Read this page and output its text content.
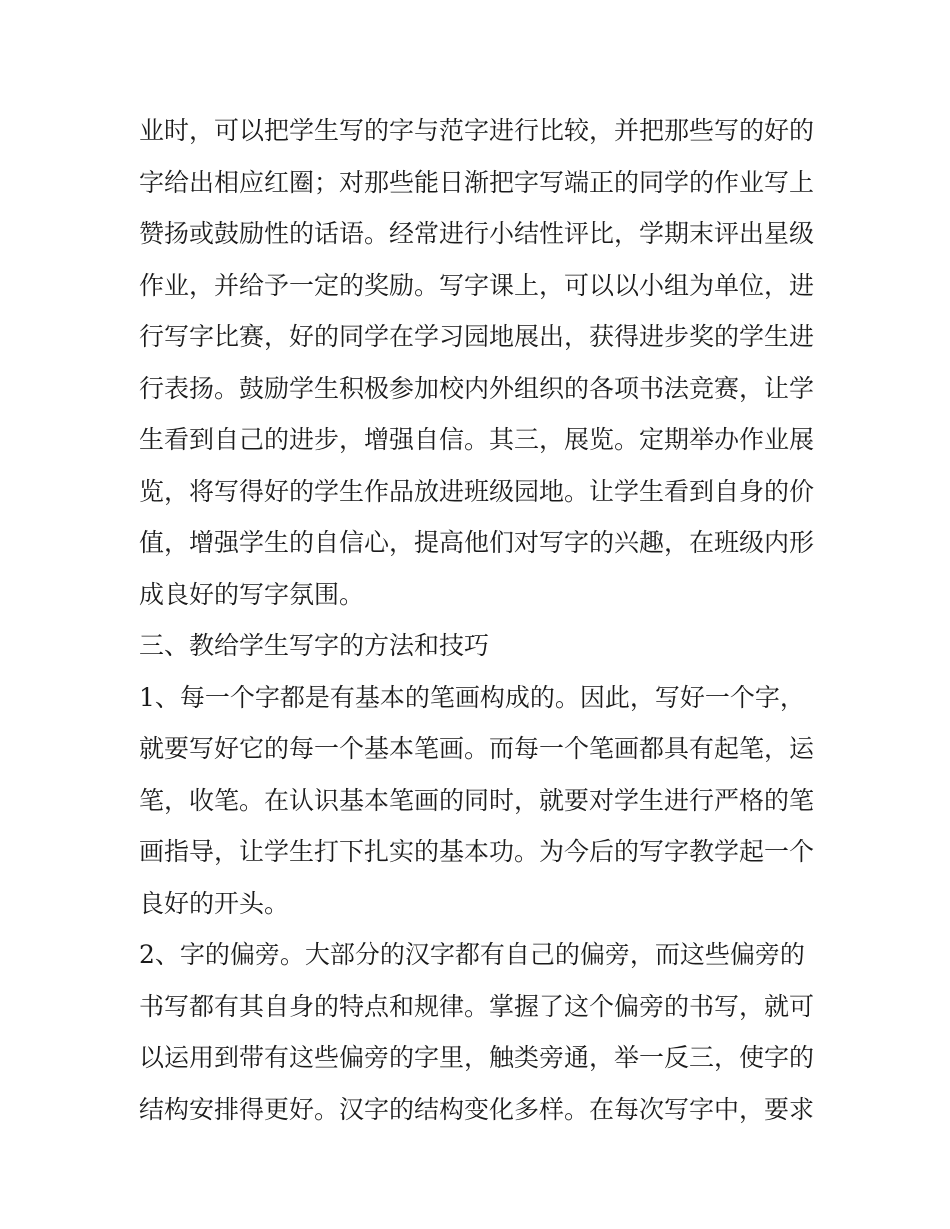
业时，可以把学生写的字与范字进行比较，并把那些写的好的
字给出相应红圈；对那些能日渐把字写端正的同学的作业写上
赞扬或鼓励性的话语。经常进行小结性评比，学期末评出星级
作业，并给予一定的奖励。写字课上，可以以小组为单位，进
行写字比赛，好的同学在学习园地展出，获得进步奖的学生进
行表扬。鼓励学生积极参加校内外组织的各项书法竞赛，让学
生看到自己的进步，增强自信。其三，展览。定期举办作业展
览，将写得好的学生作品放进班级园地。让学生看到自身的价
值，增强学生的自信心，提高他们对写字的兴趣，在班级内形
成良好的写字氛围。
三、教给学生写字的方法和技巧
1、每一个字都是有基本的笔画构成的。因此，写好一个字，
就要写好它的每一个基本笔画。而每一个笔画都具有起笔，运
笔，收笔。在认识基本笔画的同时，就要对学生进行严格的笔
画指导，让学生打下扎实的基本功。为今后的写字教学起一个
良好的开头。
2、字的偏旁。大部分的汉字都有自己的偏旁，而这些偏旁的
书写都有其自身的特点和规律。掌握了这个偏旁的书写，就可
以运用到带有这些偏旁的字里，触类旁通，举一反三，使字的
结构安排得更好。汉字的结构变化多样。在每次写字中，要求
